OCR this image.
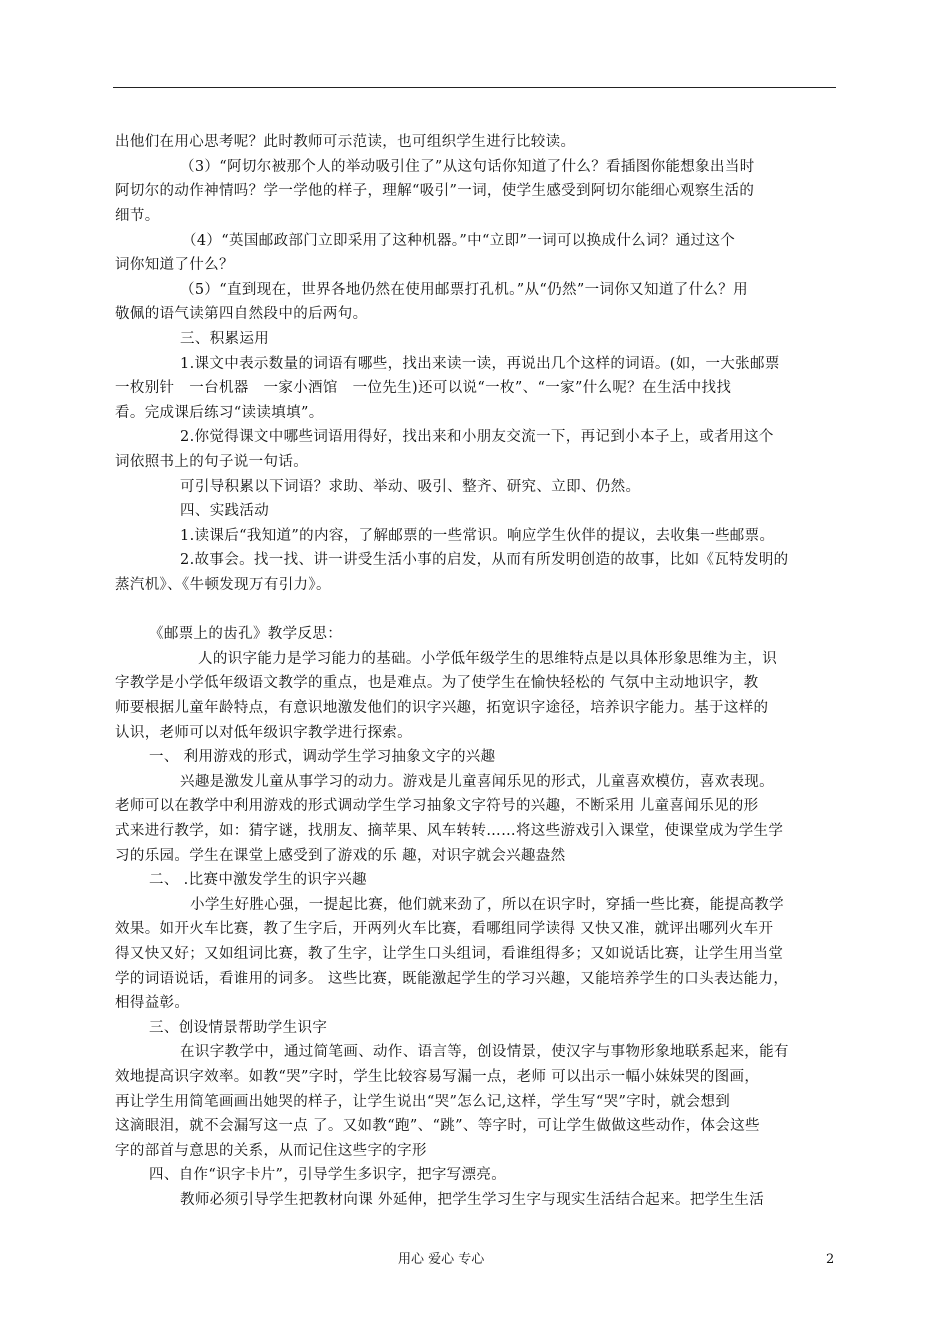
出他们在用心思考呢？此时教师可示范读，也可组织学生进行比较读。
（3）“阿切尔被那个人的举动吸引住了”从这句话你知道了什么？看插图你能想象出当时
阿切尔的动作神情吗？学一学他的样子，理解“吸引”一词，使学生感受到阿切尔能细心观察生活的
细节。
（4）“英国邮政部门立即采用了这种机器。”中“立即”一词可以换成什么词？通过这个
词你知道了什么？
（5）“直到现在，世界各地仍然在使用邮票打孔机。”从“仍然”一词你又知道了什么？用
敬佩的语气读第四自然段中的后两句。
三、积累运用
1.课文中表示数量的词语有哪些，找出来读一读，再说出几个这样的词语。(如，一大张邮票
一枚别针　一台机器　一家小酒馆　一位先生)还可以说“一枚”、“一家”什么呢？在生活中找找
看。完成课后练习“读读填填”。
2.你觉得课文中哪些词语用得好，找出来和小朋友交流一下，再记到小本子上，或者用这个
词依照书上的句子说一句话。
可引导积累以下词语？求助、举动、吸引、整齐、研究、立即、仍然。
四、实践活动
1.读课后“我知道”的内容，了解邮票的一些常识。响应学生伙伴的提议，去收集一些邮票。
2.故事会。找一找、讲一讲受生活小事的启发，从而有所发明创造的故事，比如《瓦特发明的
蒸汽机》、《牛顿发现万有引力》。
《邮票上的齿孔》教学反思：
人的识字能力是学习能力的基础。小学低年级学生的思维特点是以具体形象思维为主，识
字教学是小学低年级语文教学的重点，也是难点。为了使学生在愉快轻松的 气氛中主动地识字，教
师要根据儿童年龄特点，有意识地激发他们的识字兴趣，拓宽识字途径，培养识字能力。基于这样的
认识，老师可以对低年级识字教学进行探索。
一、 利用游戏的形式，调动学生学习抽象文字的兴趣
兴趣是激发儿童从事学习的动力。游戏是儿童喜闻乐见的形式，儿童喜欢模仿，喜欢表现。
老师可以在教学中利用游戏的形式调动学生学习抽象文字符号的兴趣，不断采用 儿童喜闻乐见的形
式来进行教学，如：猜字谜，找朋友、摘苹果、风车转转……将这些游戏引入课堂，使课堂成为学生学
习的乐园。学生在课堂上感受到了游戏的乐 趣，对识字就会兴趣盎然
二、 .比赛中激发学生的识字兴趣
小学生好胜心强，一提起比赛，他们就来劲了，所以在识字时，穿插一些比赛，能提高教学
效果。如开火车比赛，教了生字后，开两列火车比赛，看哪组同学读得 又快又准，就评出哪列火车开
得又快又好；又如组词比赛，教了生字，让学生口头组词，看谁组得多；又如说话比赛，让学生用当堂
学的词语说话，看谁用的词多。 这些比赛，既能激起学生的学习兴趣，又能培养学生的口头表达能力，
相得益彰。
三、创设情景帮助学生识字
在识字教学中，通过简笔画、动作、语言等，创设情景，使汉字与事物形象地联系起来，能有
效地提高识字效率。如教“哭”字时，学生比较容易写漏一点，老师 可以出示一幅小妹妹哭的图画，
再让学生用简笔画画出她哭的样子，让学生说出“哭”怎么记,这样，学生写“哭”字时，就会想到
这滴眼泪，就不会漏写这一点 了。又如教“跑”、“跳”、等字时，可让学生做做这些动作，体会这些
字的部首与意思的关系，从而记住这些字的字形
四、自作“识字卡片”，引导学生多识字，把字写漂亮。
教师必须引导学生把教材向课 外延伸，把学生学习生字与现实生活结合起来。把学生生活
用心 爱心 专心	2
